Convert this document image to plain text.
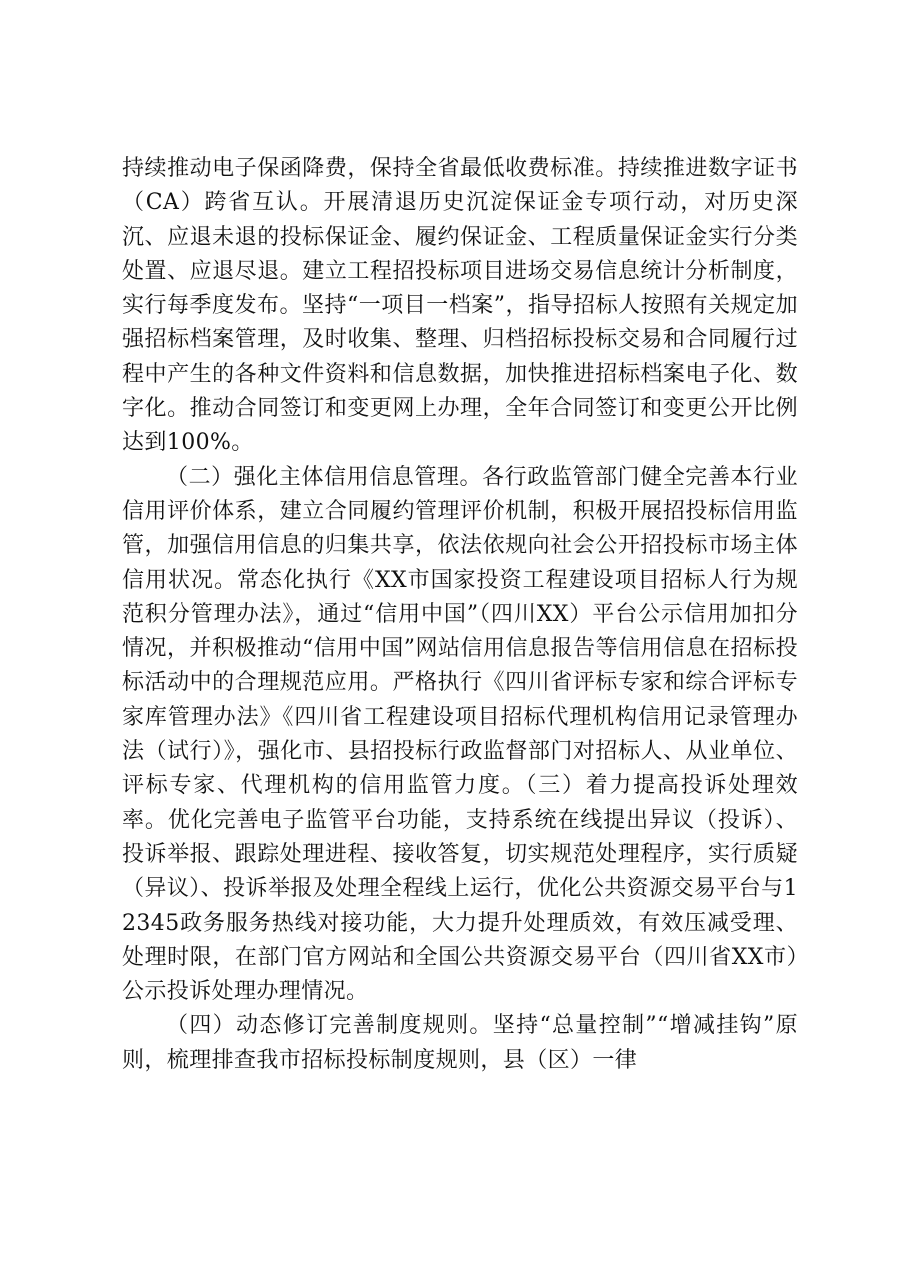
持续推动电子保函降费，保持全省最低收费标准。持续推进数字证书（CA）跨省互认。开展清退历史沉淀保证金专项行动，对历史深沉、应退未退的投标保证金、履约保证金、工程质量保证金实行分类处置、应退尽退。建立工程招投标项目进场交易信息统计分析制度，实行每季度发布。坚持“一项目一档案”，指导招标人按照有关规定加强招标档案管理，及时收集、整理、归档招标投标交易和合同履行过程中产生的各种文件资料和信息数据，加快推进招标档案电子化、数字化。推动合同签订和变更网上办理，全年合同签订和变更公开比例达到100%。

（二）强化主体信用信息管理。各行政监管部门健全完善本行业信用评价体系，建立合同履约管理评价机制，积极开展招投标信用监管，加强信用信息的归集共享，依法依规向社会公开招投标市场主体信用状况。常态化执行《XX市国家投资工程建设项目招标人行为规范积分管理办法》，通过“信用中国”（四川XX）平台公示信用加扣分情况，并积极推动“信用中国”网站信用信息报告等信用信息在招标投标活动中的合理规范应用。严格执行《四川省评标专家和综合评标专家库管理办法》《四川省工程建设项目招标代理机构信用记录管理办法（试行）》，强化市、县招投标行政监督部门对招标人、从业单位、评标专家、代理机构的信用监管力度。（三）着力提高投诉处理效率。优化完善电子监管平台功能，支持系统在线提出异议（投诉）、投诉举报、跟踪处理进程、接收答复，切实规范处理程序，实行质疑（异议）、投诉举报及处理全程线上运行，优化公共资源交易平台与12345政务服务热线对接功能，大力提升处理质效，有效压减受理、处理时限，在部门官方网站和全国公共资源交易平台（四川省XX市）公示投诉处理办理情况。

（四）动态修订完善制度规则。坚持“总量控制”“增减挂钩”原则，梳理排查我市招标投标制度规则，县（区）一律
